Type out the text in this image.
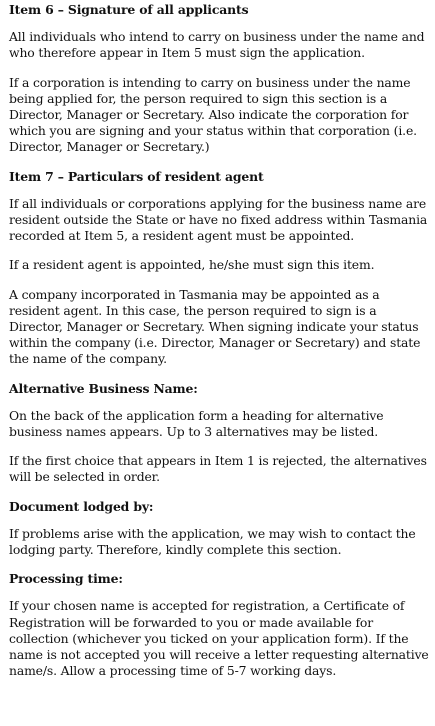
Item 6 – Signature of all applicants
All individuals who intend to carry on business under the name and who therefore appear in Item 5 must sign the application.
If a corporation is intending to carry on business under the name being applied for, the person required to sign this section is a Director, Manager or Secretary. Also indicate the corporation for which you are signing and your status within that corporation (i.e. Director, Manager or Secretary.)
Item 7 – Particulars of resident agent
If all individuals or corporations applying for the business name are resident outside the State or have no fixed address within Tasmania recorded at Item 5, a resident agent must be appointed.
If a resident agent is appointed, he/she must sign this item.
A company incorporated in Tasmania may be appointed as a resident agent. In this case, the person required to sign is a Director, Manager or Secretary. When signing indicate your status within the company (i.e. Director, Manager or Secretary) and state the name of the company.
Alternative Business Name:
On the back of the application form a heading for alternative business names appears. Up to 3 alternatives may be listed.
If the first choice that appears in Item 1 is rejected, the alternatives will be selected in order.
Document lodged by:
If problems arise with the application, we may wish to contact the lodging party. Therefore, kindly complete this section.
Processing time:
If your chosen name is accepted for registration, a Certificate of Registration will be forwarded to you or made available for collection (whichever you ticked on your application form). If the name is not accepted you will receive a letter requesting alternative name/s. Allow a processing time of 5-7 working days.
